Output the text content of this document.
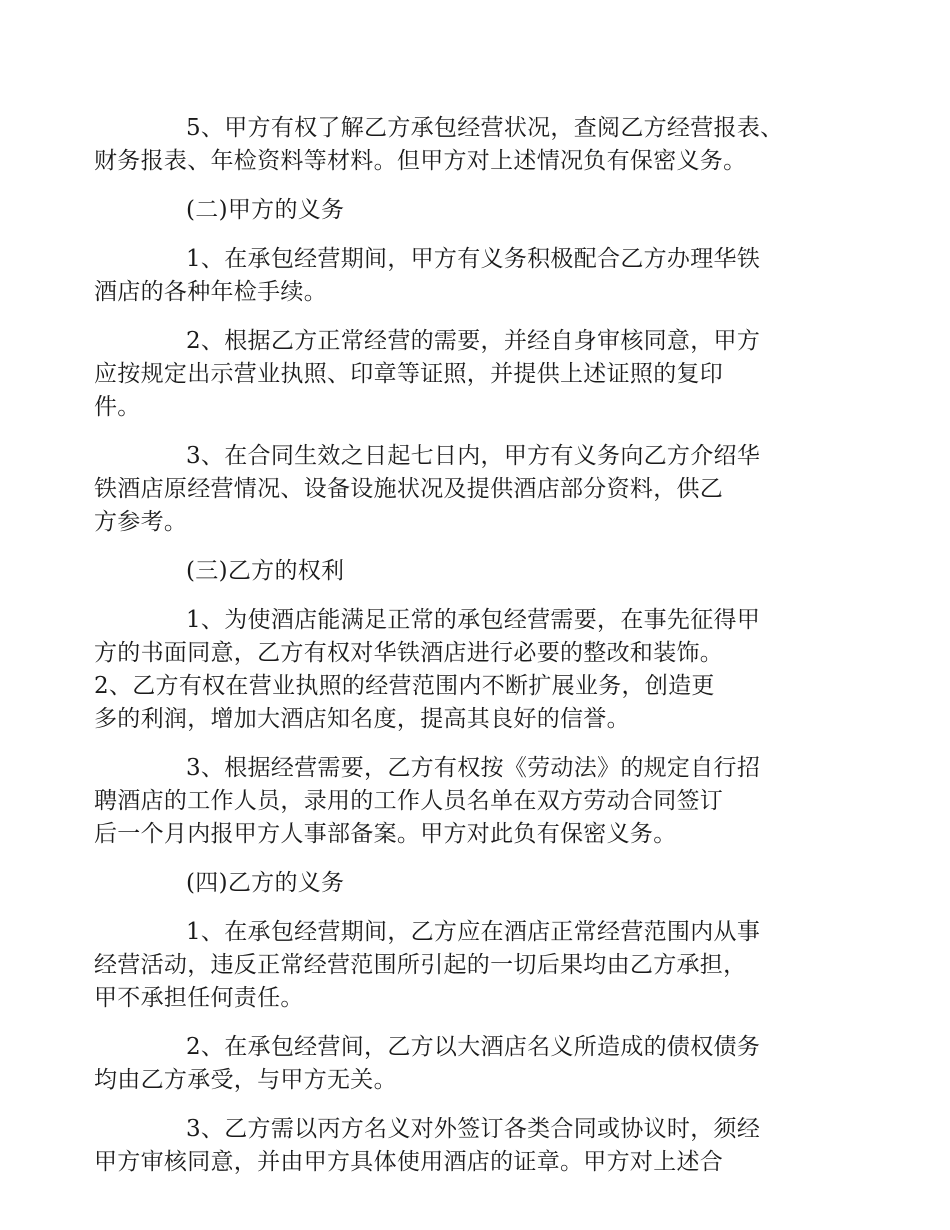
5、甲方有权了解乙方承包经营状况，查阅乙方经营报表、
财务报表、年检资料等材料。但甲方对上述情况负有保密义务。
(二)甲方的义务
1、在承包经营期间，甲方有义务积极配合乙方办理华铁
酒店的各种年检手续。
2、根据乙方正常经营的需要，并经自身审核同意，甲方
应按规定出示营业执照、印章等证照，并提供上述证照的复印
件。
3、在合同生效之日起七日内，甲方有义务向乙方介绍华
铁酒店原经营情况、设备设施状况及提供酒店部分资料，供乙
方参考。
(三)乙方的权利
1、为使酒店能满足正常的承包经营需要，在事先征得甲
方的书面同意，乙方有权对华铁酒店进行必要的整改和装饰。
2、乙方有权在营业执照的经营范围内不断扩展业务，创造更
多的利润，增加大酒店知名度，提高其良好的信誉。
3、根据经营需要，乙方有权按《劳动法》的规定自行招
聘酒店的工作人员，录用的工作人员名单在双方劳动合同签订
后一个月内报甲方人事部备案。甲方对此负有保密义务。
(四)乙方的义务
1、在承包经营期间，乙方应在酒店正常经营范围内从事
经营活动，违反正常经营范围所引起的一切后果均由乙方承担，
甲不承担任何责任。
2、在承包经营间，乙方以大酒店名义所造成的债权债务
均由乙方承受，与甲方无关。
3、乙方需以丙方名义对外签订各类合同或协议时，须经
甲方审核同意，并由甲方具体使用酒店的证章。甲方对上述合
